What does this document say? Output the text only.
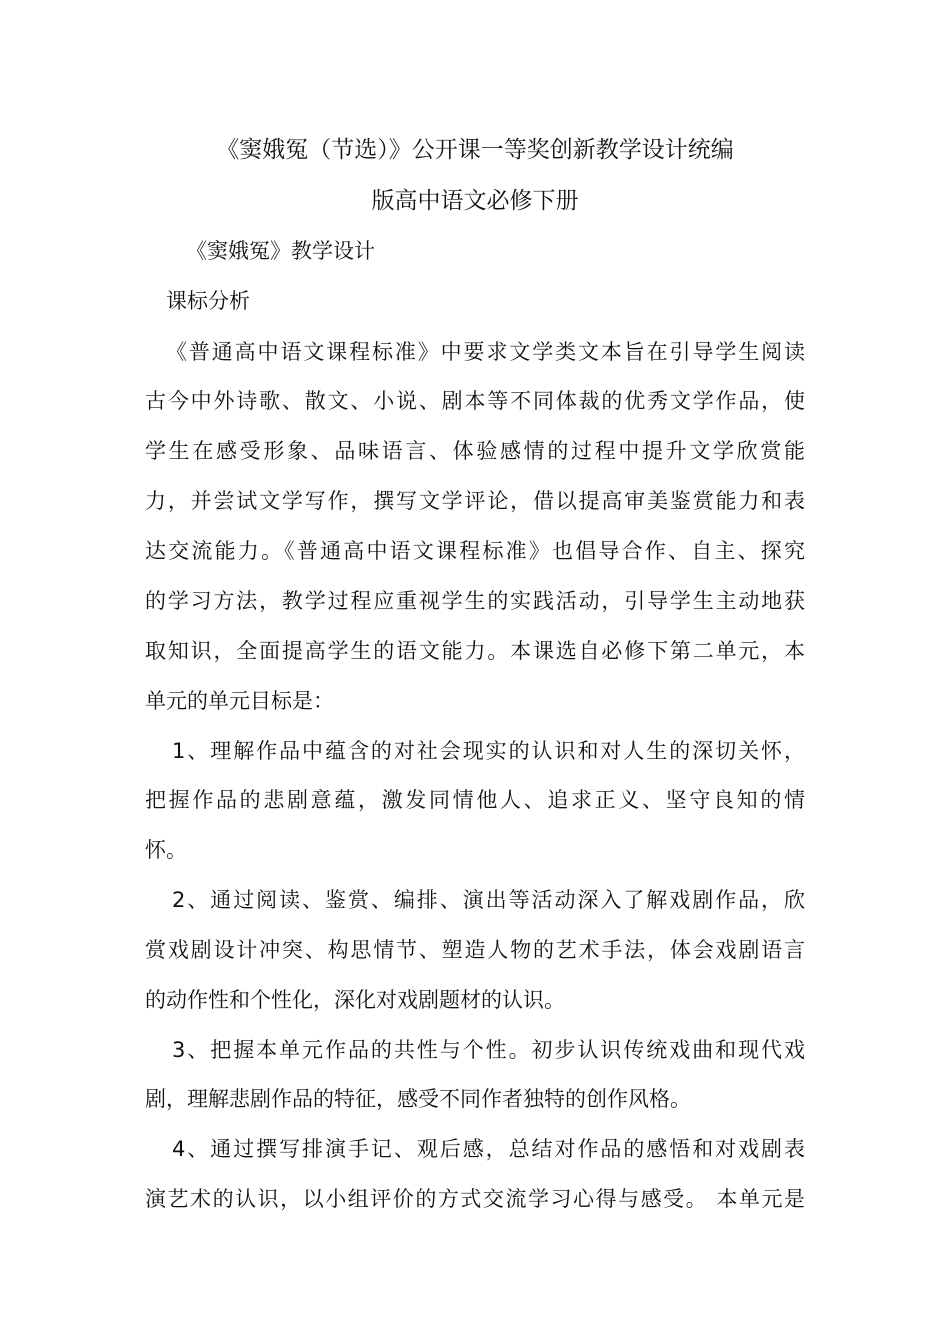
《窦娥冤（节选）》公开课一等奖创新教学设计统编
版高中语文必修下册

《窦娥冤》教学设计

课标分析

《普通高中语文课程标准》中要求文学类文本旨在引导学生阅读

古今中外诗歌、散文、小说、剧本等不同体裁的优秀文学作品，使

学生在感受形象、品味语言、体验感情的过程中提升文学欣赏能

力，并尝试文学写作，撰写文学评论，借以提高审美鉴赏能力和表

达交流能力。《普通高中语文课程标准》也倡导合作、自主、探究

的学习方法，教学过程应重视学生的实践活动，引导学生主动地获

取知识，全面提高学生的语文能力。本课选自必修下第二单元，本

单元的单元目标是：

1、理解作品中蕴含的对社会现实的认识和对人生的深切关怀，

把握作品的悲剧意蕴，激发同情他人、追求正义、坚守良知的情

怀。

2、通过阅读、鉴赏、编排、演出等活动深入了解戏剧作品，欣

赏戏剧设计冲突、构思情节、塑造人物的艺术手法，体会戏剧语言

的动作性和个性化，深化对戏剧题材的认识。

3、把握本单元作品的共性与个性。初步认识传统戏曲和现代戏

剧，理解悲剧作品的特征，感受不同作者独特的创作风格。

4、通过撰写排演手记、观后感，总结对作品的感悟和对戏剧表

演艺术的认识，以小组评价的方式交流学习心得与感受。 本单元是
